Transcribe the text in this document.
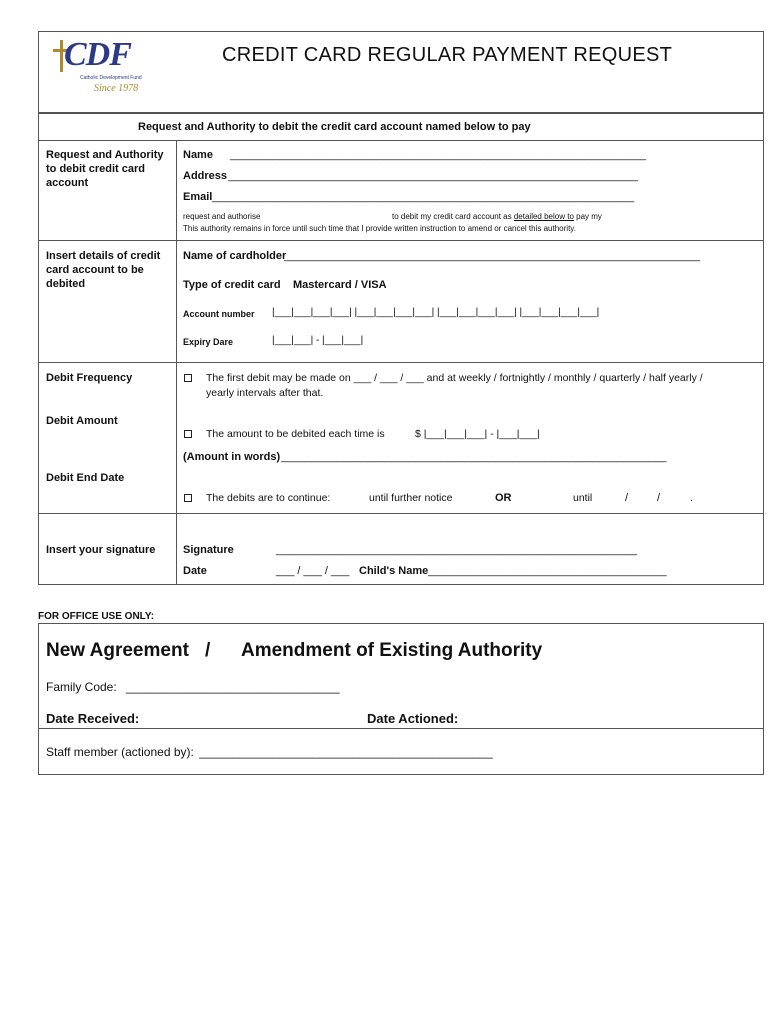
CDF
Catholic Development Fund
Since 1978
CREDIT CARD REGULAR PAYMENT REQUEST
Request and Authority to debit the credit card account named below to pay
Request and Authority to debit credit card account
Name ____________________________________________________________________
Address ___________________________________________________________________
Email _____________________________________________________________________
request and authorise	to debit my credit card account as detailed below to pay my
This authority remains in force until such time that I provide written instruction to amend or cancel this authority.
Insert details of credit card account to be debited
Name of cardholder
____________________________________________________________________
Type of credit card Mastercard / VISA
Account number |___|___|___|___| |___|___|___|___| |___|___|___|___| |___|___|___|___|
Expiry Dare	|___|___| - |___|___|
Debit Frequency	The first debit may be made on ___ / ___ / ___ and at weekly / fortnightly / monthly / quarterly / half yearly /
yearly intervals after that.
Debit Amount
The amount to be debited each time is	$ |___|___|___| - |___|___|
(Amount in words) _______________________________________________________________
Debit End Date
The debits are to continue:	until further notice	OR	until	/	/	.
Insert your signature	Signature	___________________________________________________________
Date	___ / ___ / ___ Child's Name _______________________________________
FOR OFFICE USE ONLY:
New Agreement / Amendment of Existing Authority
Family Code: ________________________________
Date Received:	Date Actioned:
Staff member (actioned by): ____________________________________________
